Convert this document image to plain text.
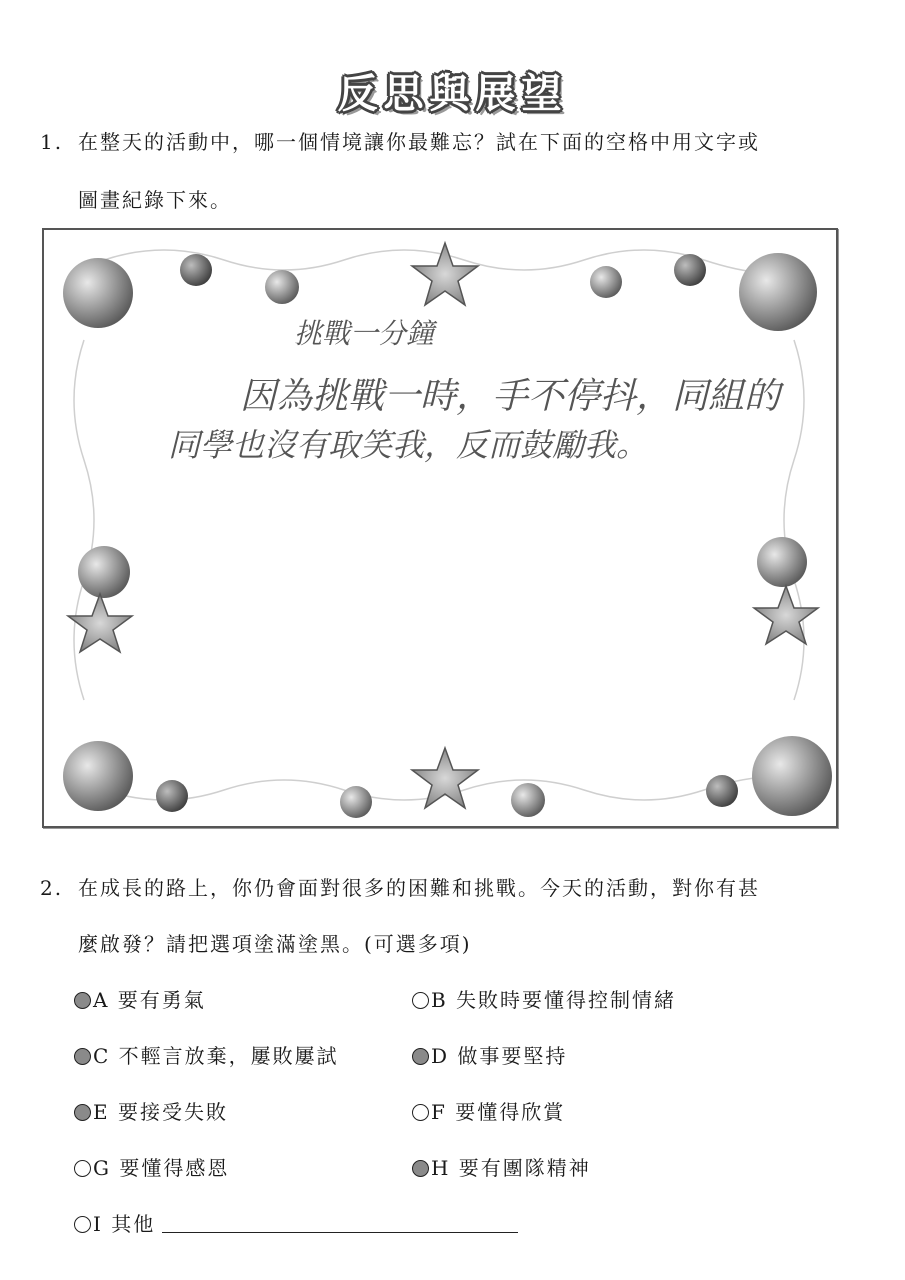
反思與展望
1. 在整天的活動中，哪一個情境讓你最難忘？試在下面的空格中用文字或
圖畫紀錄下來。
挑戰一分鐘
因為挑戰一時，手不停抖，同組的
同學也沒有取笑我，反而鼓勵我。
2. 在成長的路上，你仍會面對很多的困難和挑戰。今天的活動，對你有甚
麼啟發？請把選項塗滿塗黑。(可選多項)
A 要有勇氣	B 失敗時要懂得控制情緒
C 不輕言放棄，屢敗屢試	D 做事要堅持
E 要接受失敗	F 要懂得欣賞
G 要懂得感恩	H 要有團隊精神
I 其他
